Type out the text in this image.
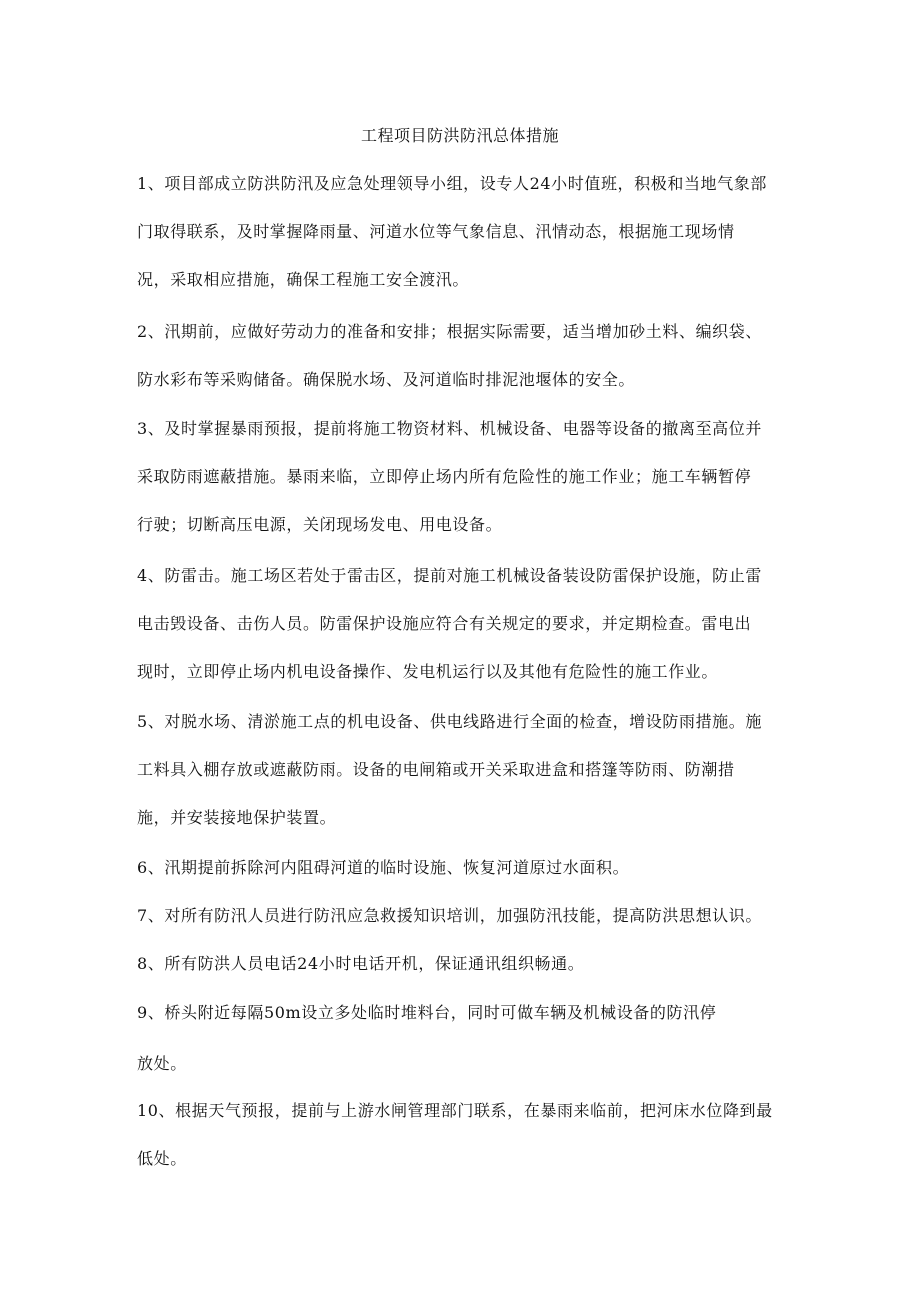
工程项目防洪防汛总体措施
1、项目部成立防洪防汛及应急处理领导小组，设专人24小时值班，积极和当地气象部
门取得联系，及时掌握降雨量、河道水位等气象信息、汛情动态，根据施工现场情
况，采取相应措施，确保工程施工安全渡汛。
2、汛期前，应做好劳动力的准备和安排；根据实际需要，适当增加砂土料、编织袋、
防水彩布等采购储备。确保脱水场、及河道临时排泥池堰体的安全。
3、及时掌握暴雨预报，提前将施工物资材料、机械设备、电器等设备的撤离至高位并
采取防雨遮蔽措施。暴雨来临，立即停止场内所有危险性的施工作业；施工车辆暂停
行驶；切断高压电源，关闭现场发电、用电设备。
4、防雷击。施工场区若处于雷击区，提前对施工机械设备装设防雷保护设施，防止雷
电击毁设备、击伤人员。防雷保护设施应符合有关规定的要求，并定期检查。雷电出
现时，立即停止场内机电设备操作、发电机运行以及其他有危险性的施工作业。
5、对脱水场、清淤施工点的机电设备、供电线路进行全面的检查，增设防雨措施。施
工料具入棚存放或遮蔽防雨。设备的电闸箱或开关采取进盒和搭篷等防雨、防潮措
施，并安装接地保护装置。
6、汛期提前拆除河内阻碍河道的临时设施、恢复河道原过水面积。
7、对所有防汛人员进行防汛应急救援知识培训，加强防汛技能，提高防洪思想认识。
8、所有防洪人员电话24小时电话开机，保证通讯组织畅通。
9、桥头附近每隔50m设立多处临时堆料台，同时可做车辆及机械设备的防汛停
放处。
10、根据天气预报，提前与上游水闸管理部门联系，在暴雨来临前，把河床水位降到最
低处。
